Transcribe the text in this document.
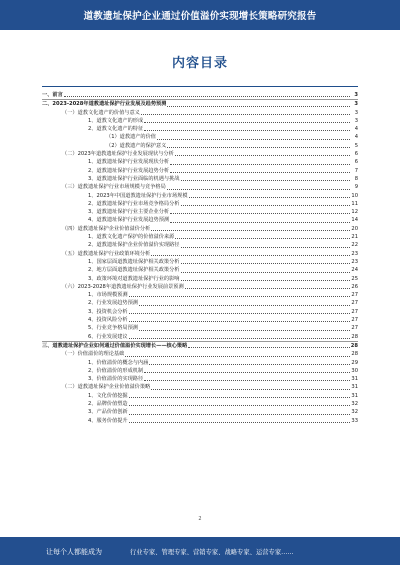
道教遗址保护企业通过价值溢价实现增长策略研究报告
内容目录
一、前言	3
二、2023-2028年道教遗址保护行业发展及趋势预测	3
（一）道教文化遗产的价值与意义	3
1、道教文化遗产的形成	3
2、道教文化遗产的特征	4
（1）道教遗产的价值	4
（2）道教遗产的保护意义	5
（二）2023年道教遗址保护行业发展现状与分析	6
1、道教遗址保护行业发展现状分析	6
2、道教遗址保护行业发展趋势分析	7
3、道教遗址保护行业面临的机遇与挑战	8
（三）道教遗址保护行业市场规模与竞争格局	9
1、2023年中国道教遗址保护行业市场规模	10
2、道教遗址保护行业市场竞争格局分析	11
3、道教遗址保护行业主要企业分析	12
4、道教遗址保护行业发展趋势预测	14
（四）道教遗址保护企业价值溢价分析	20
1、道教文化遗产保护的价值溢价来源	21
2、道教遗址保护企业价值溢价实现路径	22
（五）道教遗址保护行业政策环境分析	23
1、国家层面道教遗址保护相关政策分析	23
2、地方层面道教遗址保护相关政策分析	24
3、政策环境对道教遗址保护行业的影响	25
（六）2023-2028年道教遗址保护行业发展前景预测	26
1、市场规模预测	27
2、行业发展趋势预测	27
3、投资机会分析	27
4、投资风险分析	27
5、行业竞争格局预测	27
6、行业发展建议	28
三、道教遗址保护企业如何通过价值溢价实现增长——核心策略	28
（一）价值溢价的理论基础	28
1、价值溢价的概念与内涵	29
2、价值溢价的形成机制	30
3、价值溢价的实现路径	31
（二）道教遗址保护企业价值溢价策略	31
1、文化价值挖掘	31
2、品牌价值塑造	32
3、产品价值创新	32
4、服务价值提升	33
2
让每个人都能成为	行业专家、管理专家、营销专家、战略专家、运营专家……
